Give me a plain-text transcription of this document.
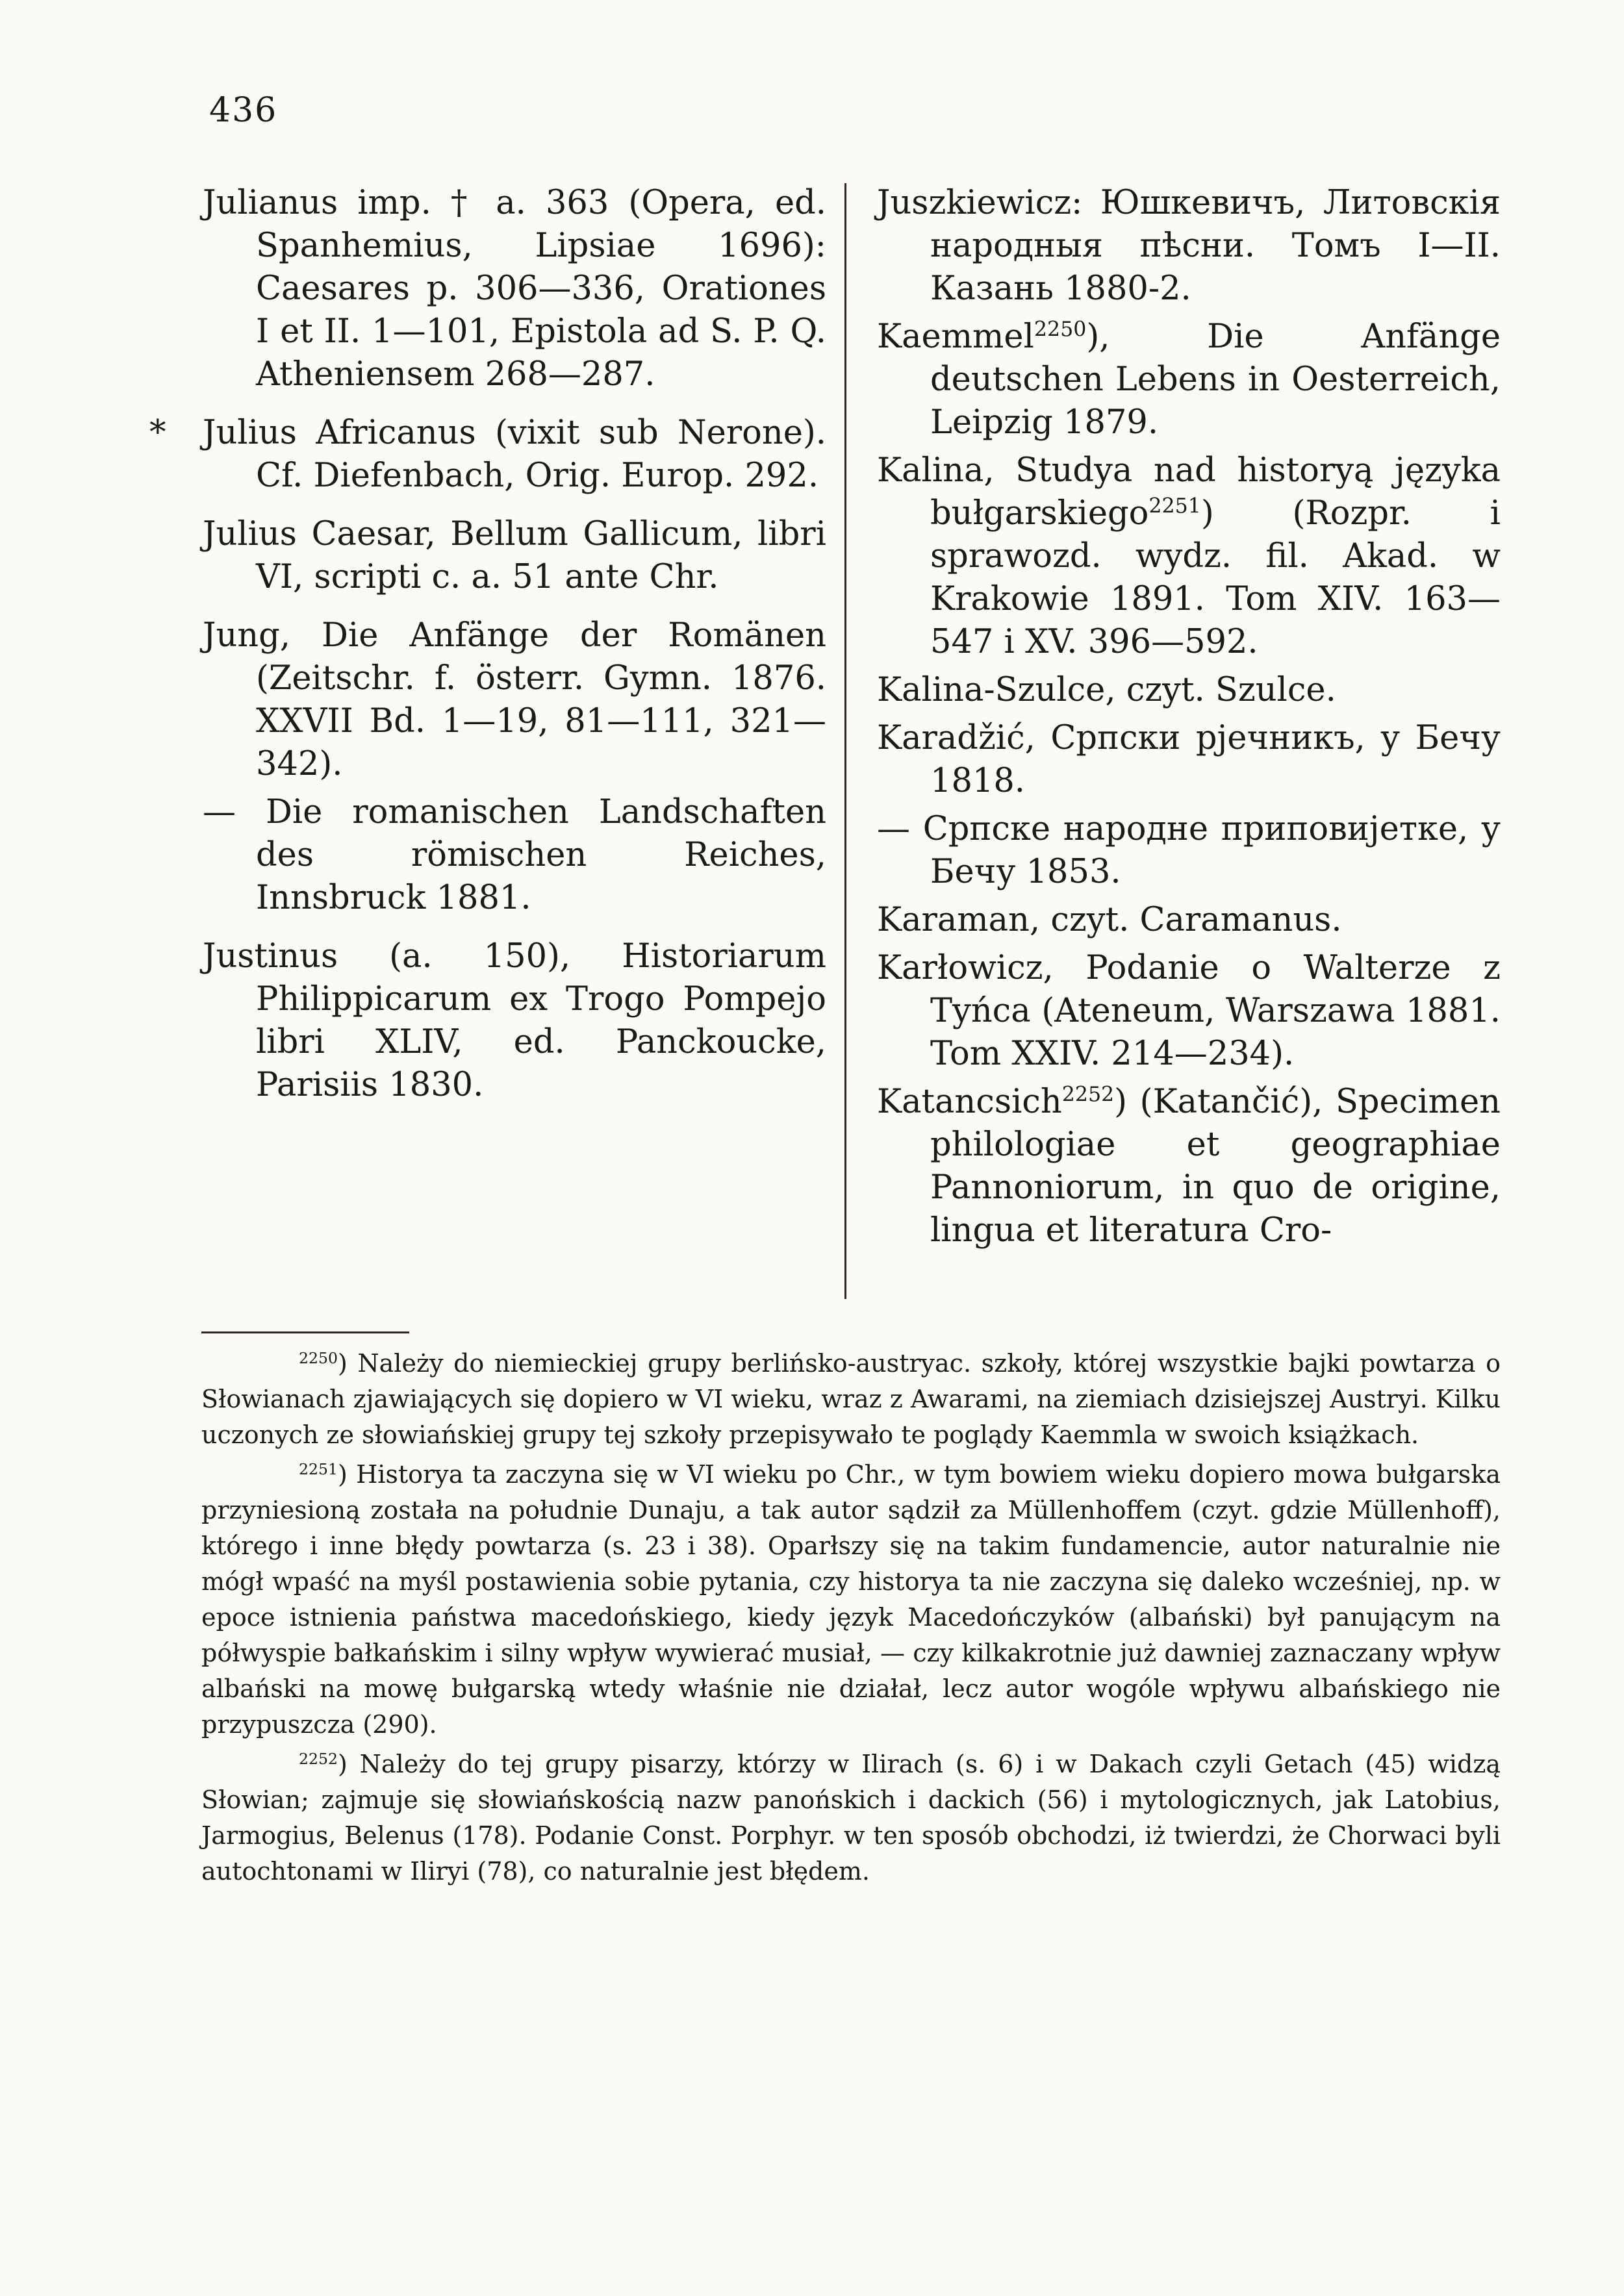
436

Julianus imp. † a. 363 (Opera, ed. Spanhemius, Lipsiae 1696): Caesares p. 306—336, Orationes I et II. 1—101, Epistola ad S. P. Q. Atheniensem 268—287.

* Julius Africanus (vixit sub Nerone). Cf. Diefenbach, Orig. Europ. 292.

Julius Caesar, Bellum Gallicum, libri VI, scripti c. a. 51 ante Chr.

Jung, Die Anfänge der Romänen (Zeitschr. f. österr. Gymn. 1876. XXVII Bd. 1—19, 81—111, 321—342).

— Die romanischen Landschaften des römischen Reiches, Innsbruck 1881.

Justinus (a. 150), Historiarum Philippicarum ex Trogo Pompejo libri XLIV, ed. Panckoucke, Parisiis 1830.

Juszkiewicz: Юшкевичъ, Литовскія народныя пѣсни. Томъ I—II. Казань 1880-2.

Kaemmel$^{2250}$), Die Anfänge deutschen Lebens in Oesterreich, Leipzig 1879.

Kalina, Studya nad historyą języka bułgarskiego$^{2251}$) (Rozpr. i sprawozd. wydz. fil. Akad. w Krakowie 1891. Tom XIV. 163—547 i XV. 396—592.

Kalina-Szulce, czyt. Szulce.

Karadžić, Српски рјечникъ, у Бечу 1818.

— Српске народне приповијетке, у Бечу 1853.

Karaman, czyt. Caramanus.

Karłowicz, Podanie o Walterze z Tyńca (Ateneum, Warszawa 1881. Tom XXIV. 214—234).

Katancsich$^{2252}$) (Katančić), Specimen philologiae et geographiae Pannoniorum, in quo de origine, lingua et literatura Cro-

$^{2250}$) Należy do niemieckiej grupy berlińsko-austryac. szkoły, której wszystkie bajki powtarza o Słowianach zjawiających się dopiero w VI wieku, wraz z Awarami, na ziemiach dzisiejszej Austryi. Kilku uczonych ze słowiańskiej grupy tej szkoły przepisywało te poglądy Kaemmla w swoich książkach.

$^{2251}$) Historya ta zaczyna się w VI wieku po Chr., w tym bowiem wieku dopiero mowa bułgarska przyniesioną została na południe Dunaju, a tak autor sądził za Müllenhoffem (czyt. gdzie Müllenhoff), którego i inne błędy powtarza (s. 23 i 38). Oparłszy się na takim fundamencie, autor naturalnie nie mógł wpaść na myśl postawienia sobie pytania, czy historya ta nie zaczyna się daleko wcześniej, np. w epoce istnienia państwa macedońskiego, kiedy język Macedończyków (albański) był panującym na półwyspie bałkańskim i silny wpływ wywierać musiał, — czy kilkakrotnie już dawniej zaznaczany wpływ albański na mowę bułgarską wtedy właśnie nie działał, lecz autor wogóle wpływu albańskiego nie przypuszcza (290).

$^{2252}$) Należy do tej grupy pisarzy, którzy w Ilirach (s. 6) i w Dakach czyli Getach (45) widzą Słowian; zajmuje się słowiańskością nazw panońskich i dackich (56) i mytologicznych, jak Latobius, Jarmogius, Belenus (178). Podanie Const. Porphyr. w ten sposób obchodzi, iż twierdzi, że Chorwaci byli autochtonami w Iliryi (78), co naturalnie jest błędem.
